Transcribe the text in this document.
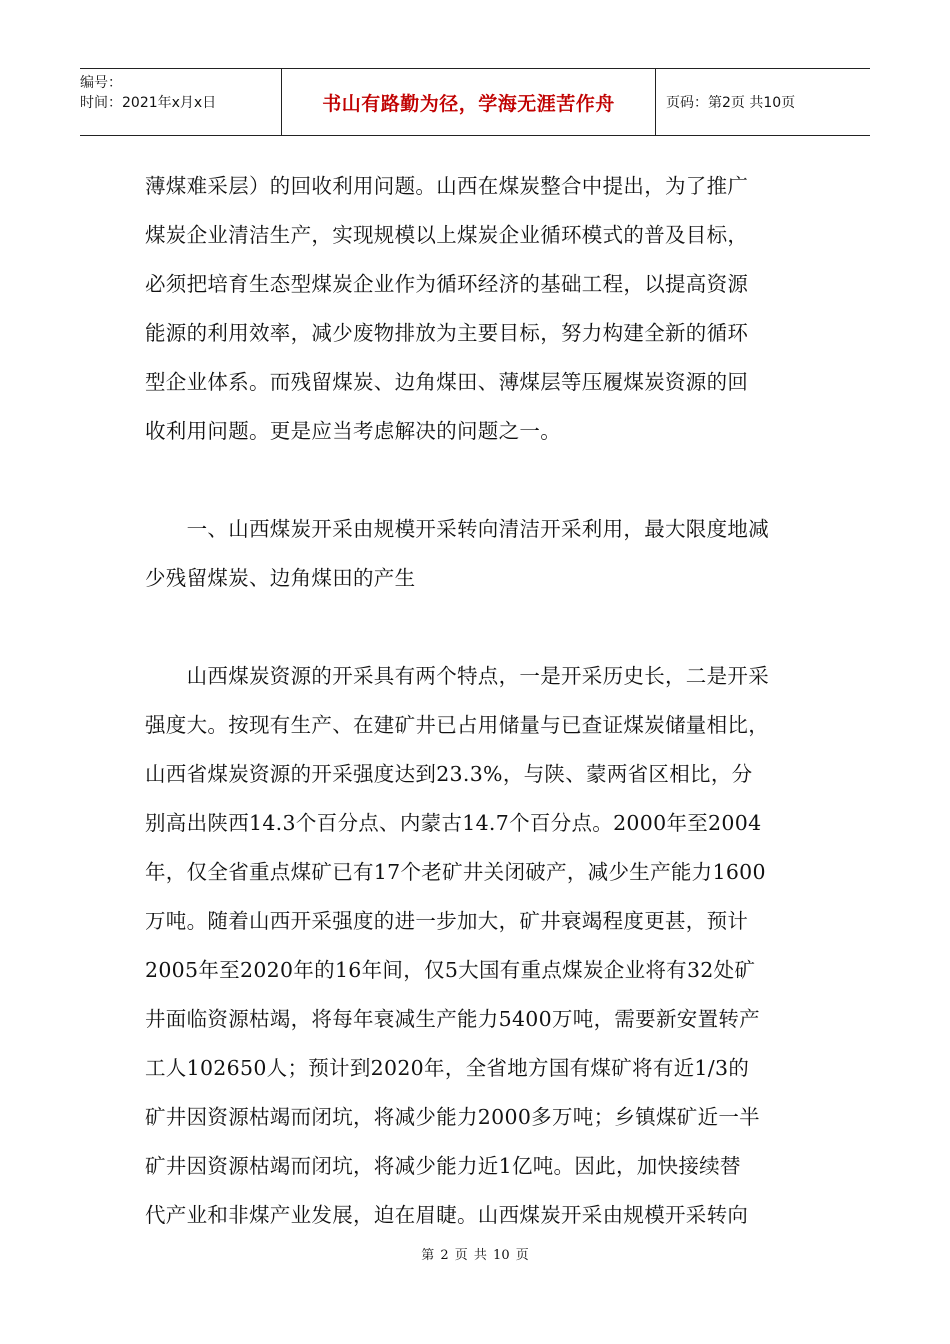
编号：
时间：2021年x月x日	书山有路勤为径，学海无涯苦作舟	页码：第2页 共10页
薄煤难采层）的回收利用问题。山西在煤炭整合中提出，为了推广
煤炭企业清洁生产，实现规模以上煤炭企业循环模式的普及目标，
必须把培育生态型煤炭企业作为循环经济的基础工程，以提高资源
能源的利用效率，减少废物排放为主要目标，努力构建全新的循环
型企业体系。而残留煤炭、边角煤田、薄煤层等压履煤炭资源的回
收利用问题。更是应当考虑解决的问题之一。
　　一、山西煤炭开采由规模开采转向清洁开采利用，最大限度地减
少残留煤炭、边角煤田的产生
　　山西煤炭资源的开采具有两个特点，一是开采历史长，二是开采
强度大。按现有生产、在建矿井已占用储量与已查证煤炭储量相比，
山西省煤炭资源的开采强度达到23.3%，与陕、蒙两省区相比，分
别高出陕西14.3个百分点、内蒙古14.7个百分点。2000年至2004
年，仅全省重点煤矿已有17个老矿井关闭破产，减少生产能力1600
万吨。随着山西开采强度的进一步加大，矿井衰竭程度更甚，预计
2005年至2020年的16年间，仅5大国有重点煤炭企业将有32处矿
井面临资源枯竭，将每年衰减生产能力5400万吨，需要新安置转产
工人102650人；预计到2020年，全省地方国有煤矿将有近1/3的
矿井因资源枯竭而闭坑，将减少能力2000多万吨；乡镇煤矿近一半
矿井因资源枯竭而闭坑，将减少能力近1亿吨。因此，加快接续替
代产业和非煤产业发展，迫在眉睫。山西煤炭开采由规模开采转向
第 2 页 共 10 页
